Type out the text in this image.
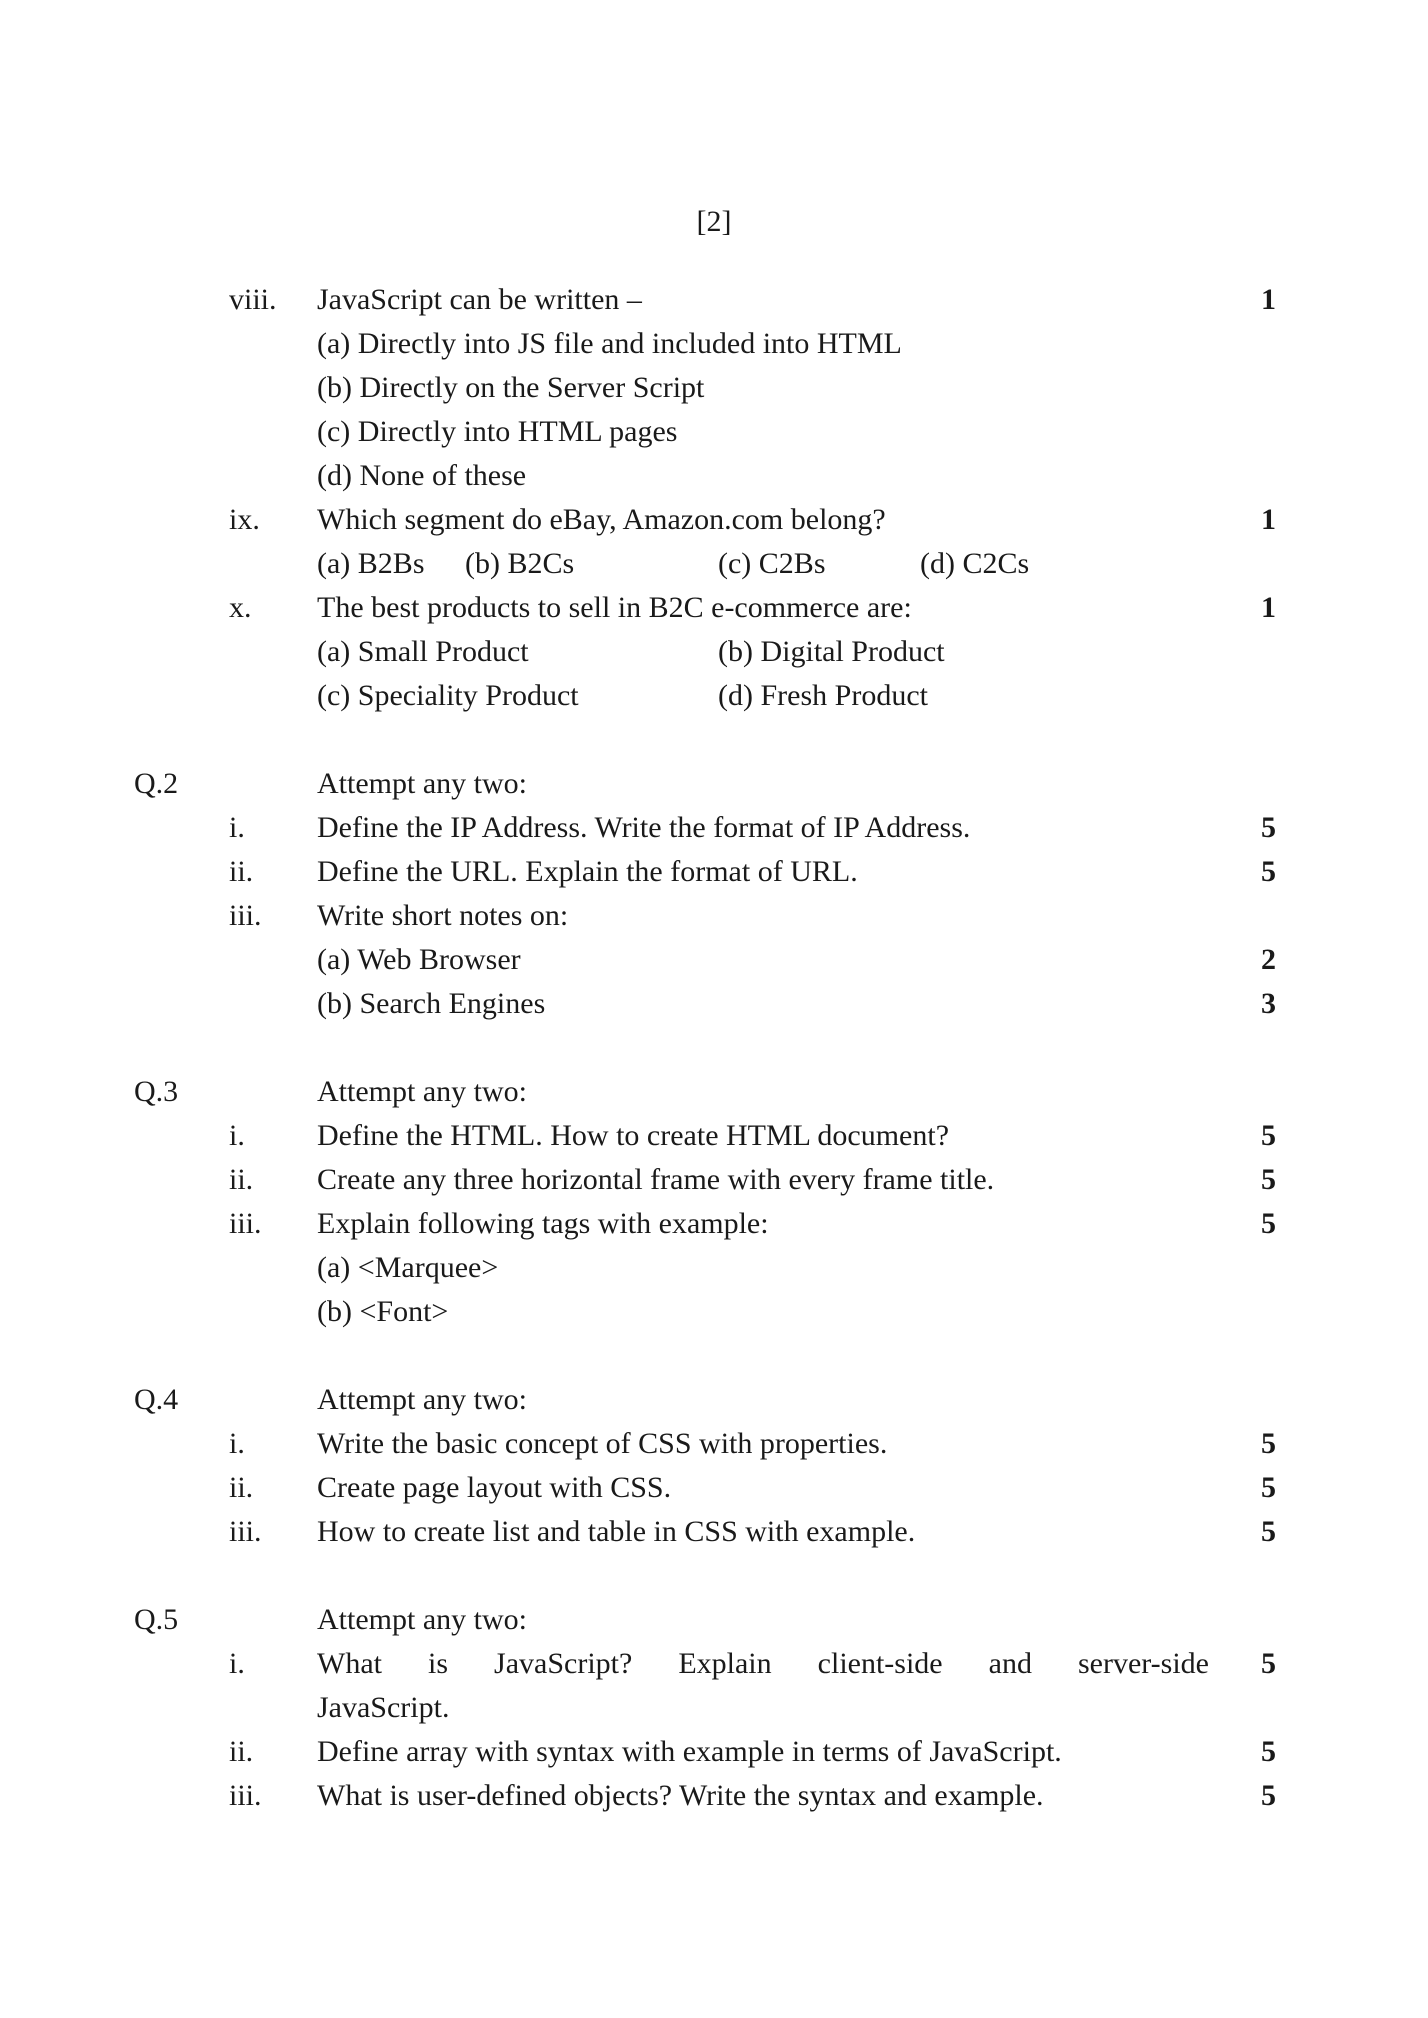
[2]
viii. JavaScript can be written –	1
(a) Directly into JS file and included into HTML
(b) Directly on the Server Script
(c) Directly into HTML pages
(d) None of these
ix. Which segment do eBay, Amazon.com belong?	1
(a) B2Bs (b) B2Cs	(c) C2Bs	(d) C2Cs
x. The best products to sell in B2C e-commerce are:	1
(a) Small Product	(b) Digital Product
(c) Speciality Product	(d) Fresh Product
Q.2	Attempt any two:
i. Define the IP Address. Write the format of IP Address.	5
ii. Define the URL. Explain the format of URL.	5
iii. Write short notes on:
(a) Web Browser	2
(b) Search Engines	3
Q.3	Attempt any two:
i. Define the HTML. How to create HTML document?	5
ii. Create any three horizontal frame with every frame title.	5
iii. Explain following tags with example:	5
(a) <Marquee>
(b) <Font>
Q.4	Attempt any two:
i. Write the basic concept of CSS with properties.	5
ii. Create page layout with CSS.	5
iii. How to create list and table in CSS with example.	5
Q.5	Attempt any two:
i. What is JavaScript? Explain client-side and server-side	5
JavaScript.
ii. Define array with syntax with example in terms of JavaScript.	5
iii. What is user-defined objects? Write the syntax and example.	5
